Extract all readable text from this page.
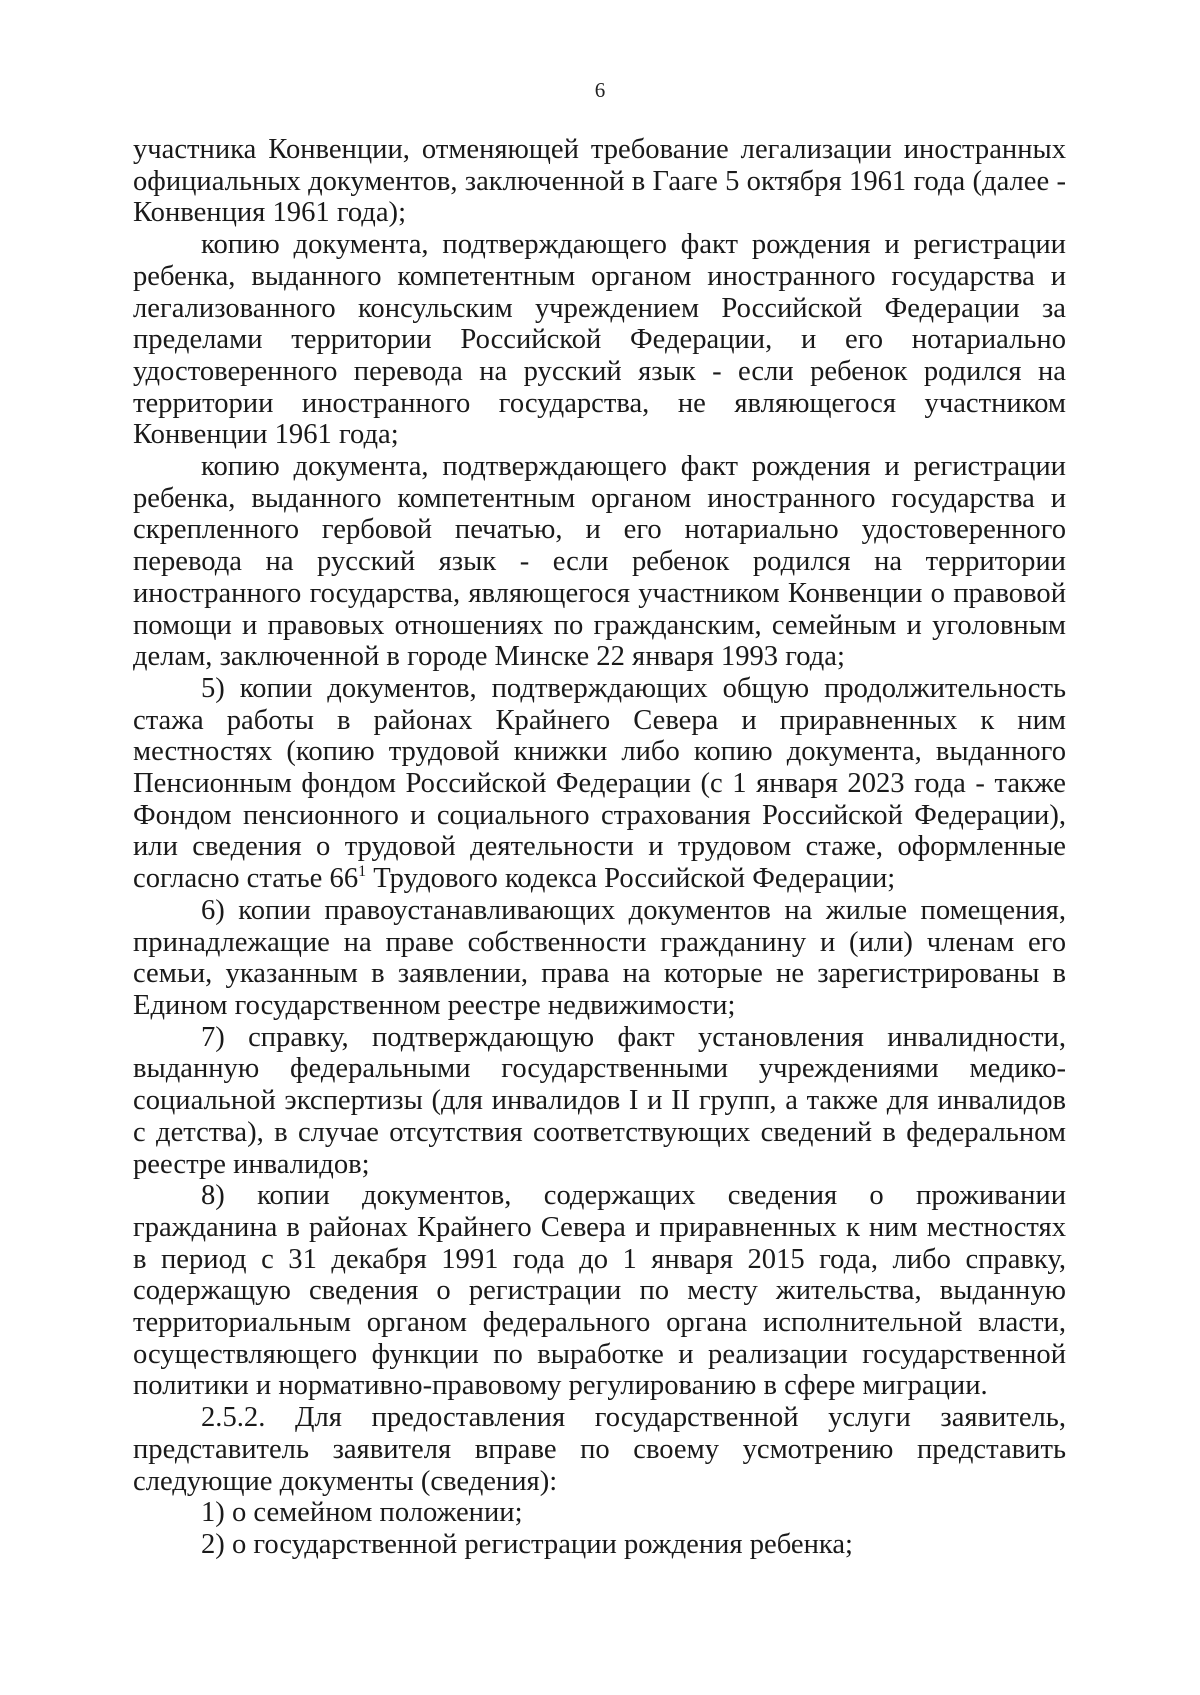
6

участника Конвенции, отменяющей требование легализации иностранных официальных документов, заключенной в Гааге 5 октября 1961 года (далее - Конвенция 1961 года);

копию документа, подтверждающего факт рождения и регистрации ребенка, выданного компетентным органом иностранного государства и легализованного консульским учреждением Российской Федерации за пределами территории Российской Федерации, и его нотариально удостоверенного перевода на русский язык - если ребенок родился на территории иностранного государства, не являющегося участником Конвенции 1961 года;

копию документа, подтверждающего факт рождения и регистрации ребенка, выданного компетентным органом иностранного государства и скрепленного гербовой печатью, и его нотариально удостоверенного перевода на русский язык - если ребенок родился на территории иностранного государства, являющегося участником Конвенции о правовой помощи и правовых отношениях по гражданским, семейным и уголовным делам, заключенной в городе Минске 22 января 1993 года;

5) копии документов, подтверждающих общую продолжительность стажа работы в районах Крайнего Севера и приравненных к ним местностях (копию трудовой книжки либо копию документа, выданного Пенсионным фондом Российской Федерации (с 1 января 2023 года - также Фондом пенсионного и социального страхования Российской Федерации), или сведения о трудовой деятельности и трудовом стаже, оформленные согласно статье $66^1$ Трудового кодекса Российской Федерации;

6) копии правоустанавливающих документов на жилые помещения, принадлежащие на праве собственности гражданину и (или) членам его семьи, указанным в заявлении, права на которые не зарегистрированы в Едином государственном реестре недвижимости;

7) справку, подтверждающую факт установления инвалидности, выданную федеральными государственными учреждениями медико-социальной экспертизы (для инвалидов I и II групп, а также для инвалидов с детства), в случае отсутствия соответствующих сведений в федеральном реестре инвалидов;

8) копии документов, содержащих сведения о проживании гражданина в районах Крайнего Севера и приравненных к ним местностях в период с 31 декабря 1991 года до 1 января 2015 года, либо справку, содержащую сведения о регистрации по месту жительства, выданную территориальным органом федерального органа исполнительной власти, осуществляющего функции по выработке и реализации государственной политики и нормативно-правовому регулированию в сфере миграции.

2.5.2. Для предоставления государственной услуги заявитель, представитель заявителя вправе по своему усмотрению представить следующие документы (сведения):

1) о семейном положении;

2) о государственной регистрации рождения ребенка;
